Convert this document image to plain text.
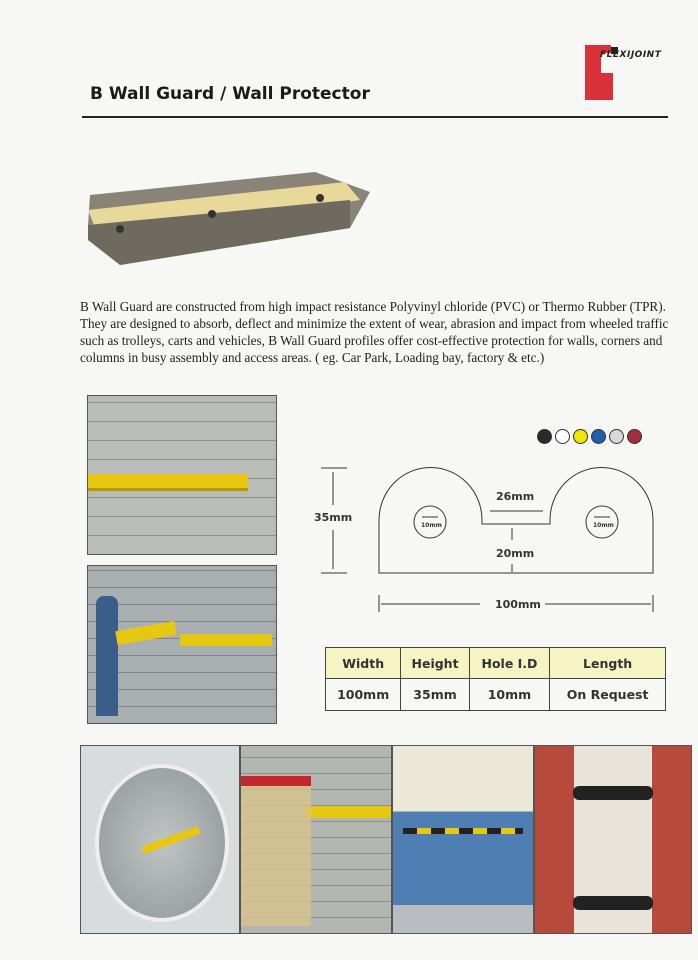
FLEXIJOINT
B Wall Guard / Wall Protector
B Wall Guard are constructed from high impact resistance Polyvinyl chloride (PVC) or Thermo Rubber (TPR). They are designed to absorb, deflect and minimize the extent of wear, abrasion and impact from wheeled traffic such as trolleys, carts and vehicles, B Wall Guard profiles offer cost-effective protection for walls, corners and columns in busy assembly and access areas. ( eg. Car Park, Loading bay, factory & etc.)
35mm
26mm
20mm
100mm
10mm	10mm
Width	Height	Hole I.D	Length
100mm	35mm	10mm	On Request
